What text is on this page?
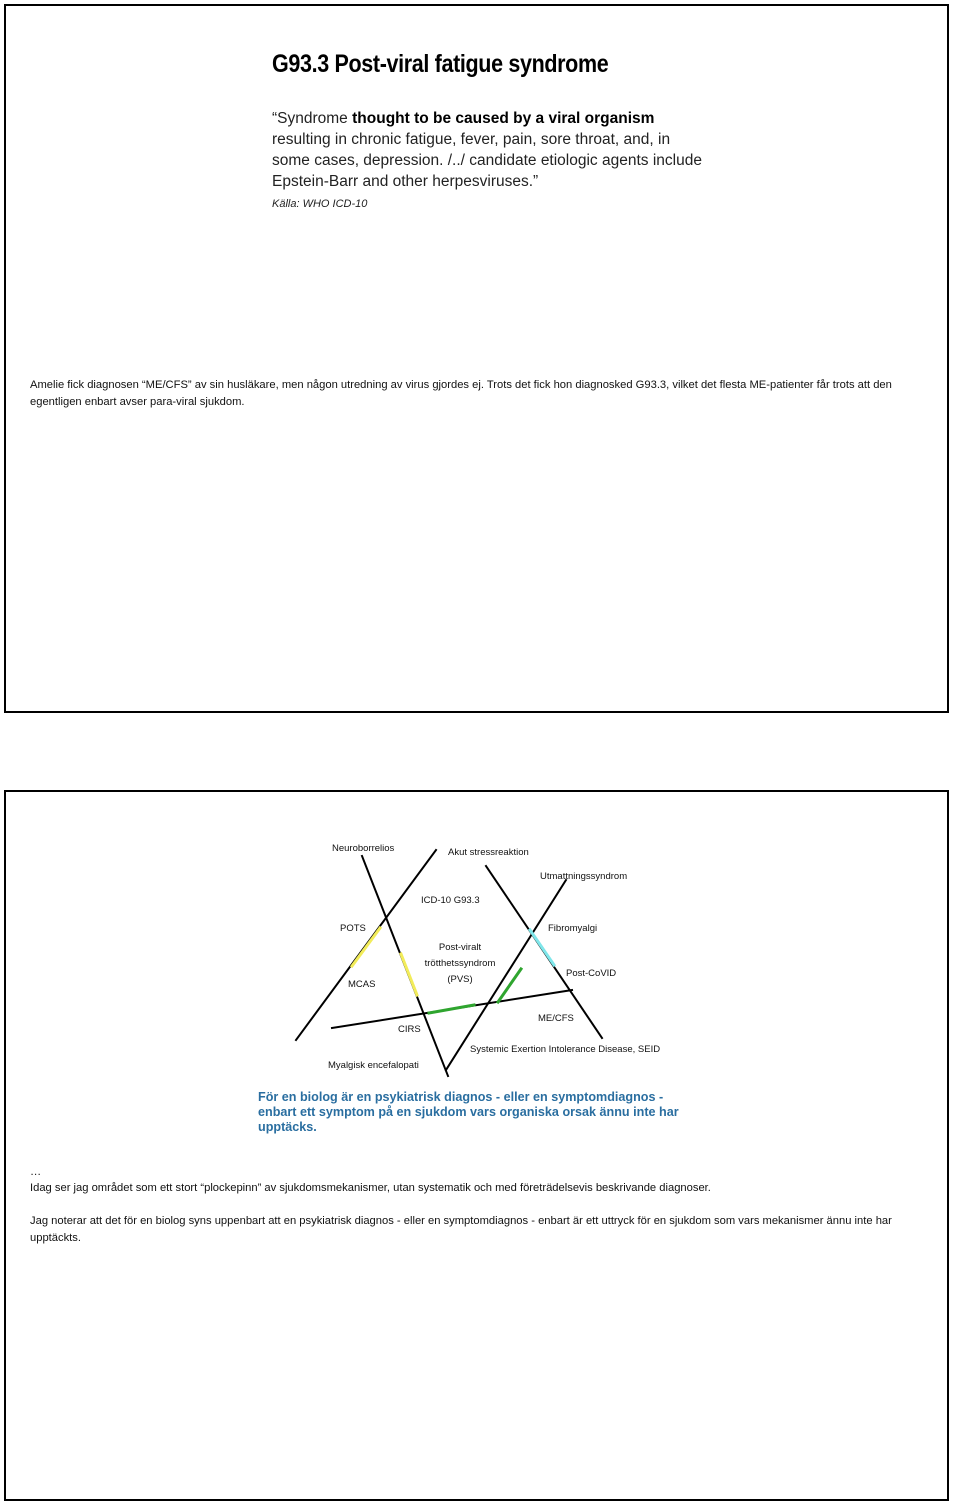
G93.3 Post-viral fatigue syndrome

“Syndrome thought to be caused by a viral organism resulting in chronic fatigue, fever, pain, sore throat, and, in some cases, depression. /../ candidate etiologic agents include Epstein-Barr and other herpesviruses.”

Källa: WHO ICD-10

Amelie fick diagnosen “ME/CFS” av sin husläkare, men någon utredning av virus gjordes ej. Trots det fick hon diagnosked G93.3, vilket det flesta ME-patienter får trots att den egentligen enbart avser para-viral sjukdom.

Neuroborrelios	Akut stressreaktion
Utmattningssyndrom
ICD-10 G93.3
POTS	Fibromyalgi
Post-viralt
trötthetssyndrom
(PVS)
Post-CoVID
MCAS
ME/CFS
CIRS
Systemic Exertion Intolerance Disease, SEID
Myalgisk encefalopati

För en biolog är en psykiatrisk diagnos - eller en symptomdiagnos - enbart ett symptom på en sjukdom vars organiska orsak ännu inte har upptäcks.

…

Idag ser jag området som ett stort “plockepinn” av sjukdomsmekanismer, utan systematik och med företrädelsevis beskrivande diagnoser.

Jag noterar att det för en biolog syns uppenbart att en psykiatrisk diagnos - eller en symptomdiagnos - enbart är ett uttryck för en sjukdom som vars mekanismer ännu inte har upptäckts.
